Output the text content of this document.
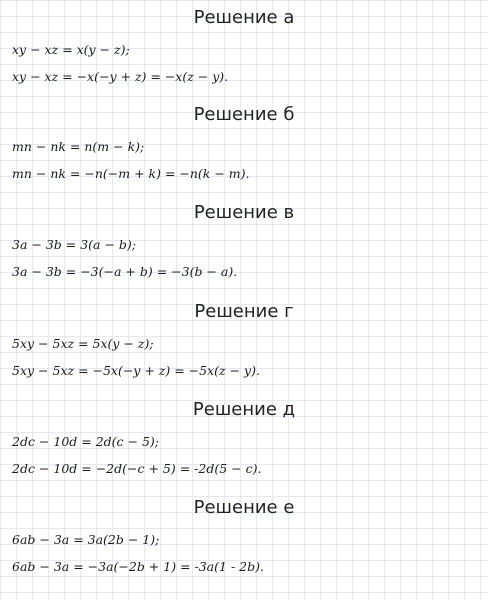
Решение а
xy − xz = x(y − z);
xy − xz = −x(−y + z) = −x(z − y).
Решение б
mn − nk = n(m − k);
mn − nk = −n(−m + k) = −n(k − m).
Решение в
3a − 3b = 3(a − b);
3a − 3b = −3(−a + b) = −3(b − a).
Решение г
5xy − 5xz = 5x(y − z);
5xy − 5xz = −5x(−y + z) = −5x(z − y).
Решение д
2dc − 10d = 2d(c − 5);
2dc − 10d = −2d(−c + 5) = -2d(5 − c).
Решение е
6ab − 3a = 3a(2b − 1);
6ab − 3a = −3a(−2b + 1) = -3a(1 - 2b).
